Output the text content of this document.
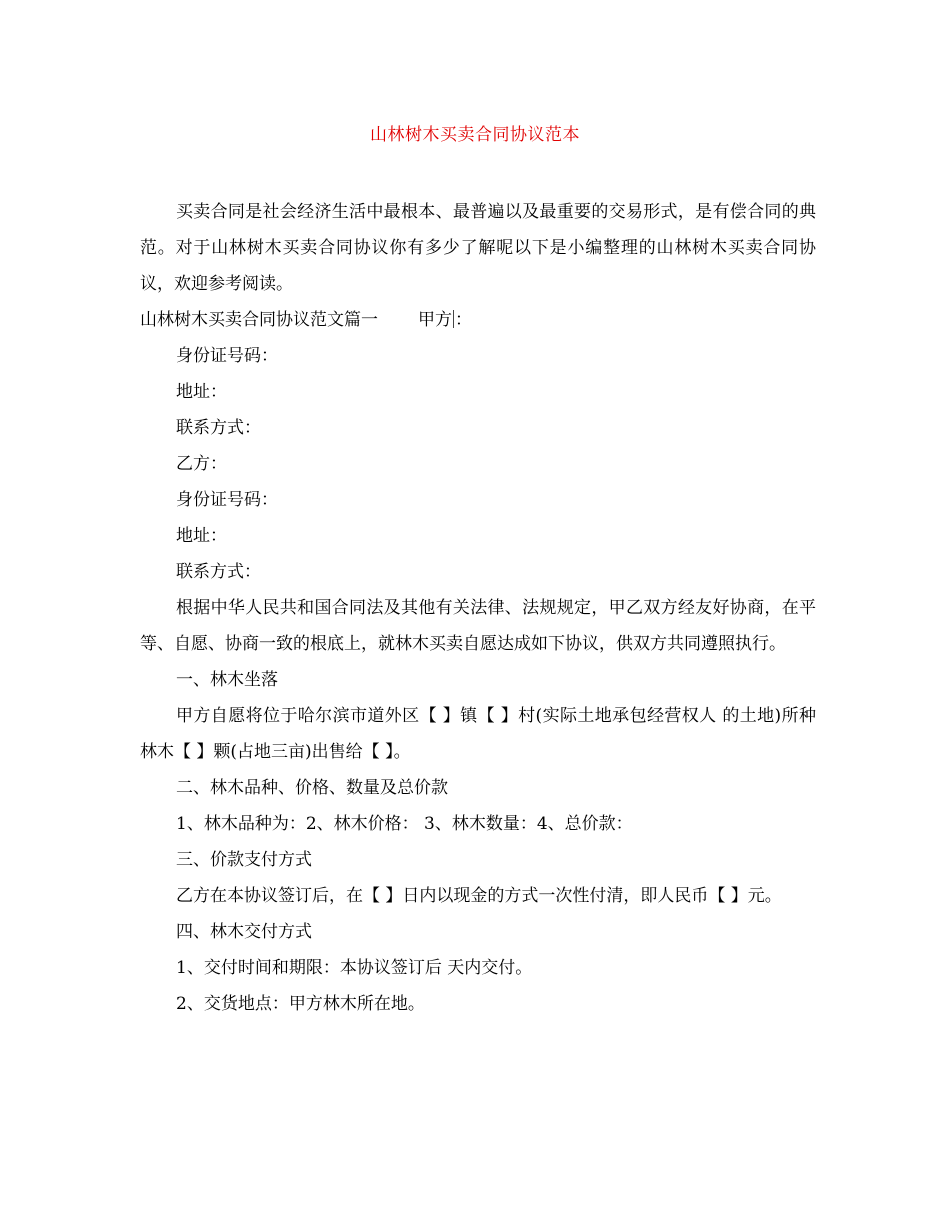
山林树木买卖合同协议范本

买卖合同是社会经济生活中最根本、最普遍以及最重要的交易形式，是有偿合同的典范。对于山林树木买卖合同协议你有多少了解呢以下是小编整理的山林树木买卖合同协议，欢迎参考阅读。

山林树木买卖合同协议范文篇一 甲方 ：

身份证号码：

地址：

联系方式：

乙方：

身份证号码：

地址：

联系方式：

根据中华人民共和国合同法及其他有关法律、法规规定，甲乙双方经友好协商，在平等、自愿、协商一致的根底上，就林木买卖自愿达成如下协议，供双方共同遵照执行。

一、林木坐落

甲方自愿将位于哈尔滨市道外区【 】镇【 】村(实际土地承包经营权人 的土地)所种林木【 】颗(占地三亩)出售给【 】。

二、林木品种、价格、数量及总价款

1、林木品种为：2、林木价格： 3、林木数量：4、总价款：

三、价款支付方式

乙方在本协议签订后，在【 】日内以现金的方式一次性付清，即人民币【 】元。

四、林木交付方式

1、交付时间和期限：本协议签订后 天内交付。

2、交货地点：甲方林木所在地。
